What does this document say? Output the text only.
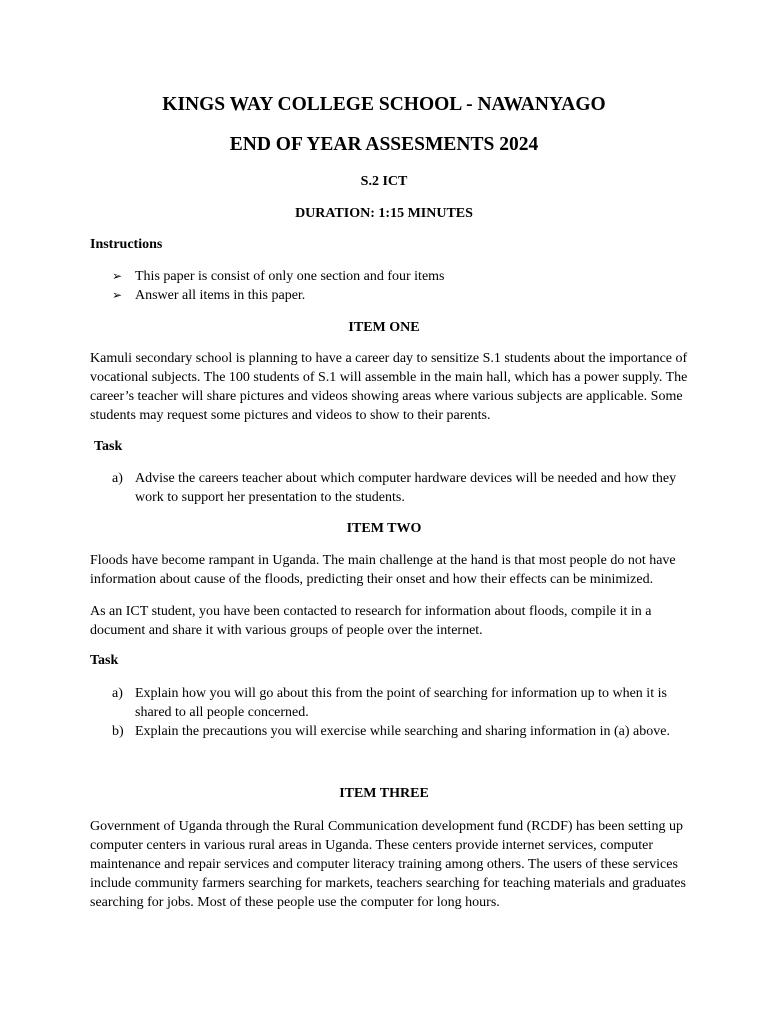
KINGS WAY COLLEGE SCHOOL - NAWANYAGO
END OF YEAR ASSESMENTS 2024

S.2 ICT

DURATION: 1:15 MINUTES

Instructions

➢ This paper is consist of only one section and four items
➢ Answer all items in this paper.

ITEM ONE

Kamuli secondary school is planning to have a career day to sensitize S.1 students about the importance of vocational subjects. The 100 students of S.1 will assemble in the main hall, which has a power supply. The career’s teacher will share pictures and videos showing areas where various subjects are applicable. Some students may request some pictures and videos to show to their parents.

Task

a) Advise the careers teacher about which computer hardware devices will be needed and how they work to support her presentation to the students.

ITEM TWO

Floods have become rampant in Uganda. The main challenge at the hand is that most people do not have information about cause of the floods, predicting their onset and how their effects can be minimized.

As an ICT student, you have been contacted to research for information about floods, compile it in a document and share it with various groups of people over the internet.

Task

a) Explain how you will go about this from the point of searching for information up to when it is shared to all people concerned.
b) Explain the precautions you will exercise while searching and sharing information in (a) above.

ITEM THREE

Government of Uganda through the Rural Communication development fund (RCDF) has been setting up computer centers in various rural areas in Uganda. These centers provide internet services, computer maintenance and repair services and computer literacy training among others. The users of these services include community farmers searching for markets, teachers searching for teaching materials and graduates searching for jobs. Most of these people use the computer for long hours.
